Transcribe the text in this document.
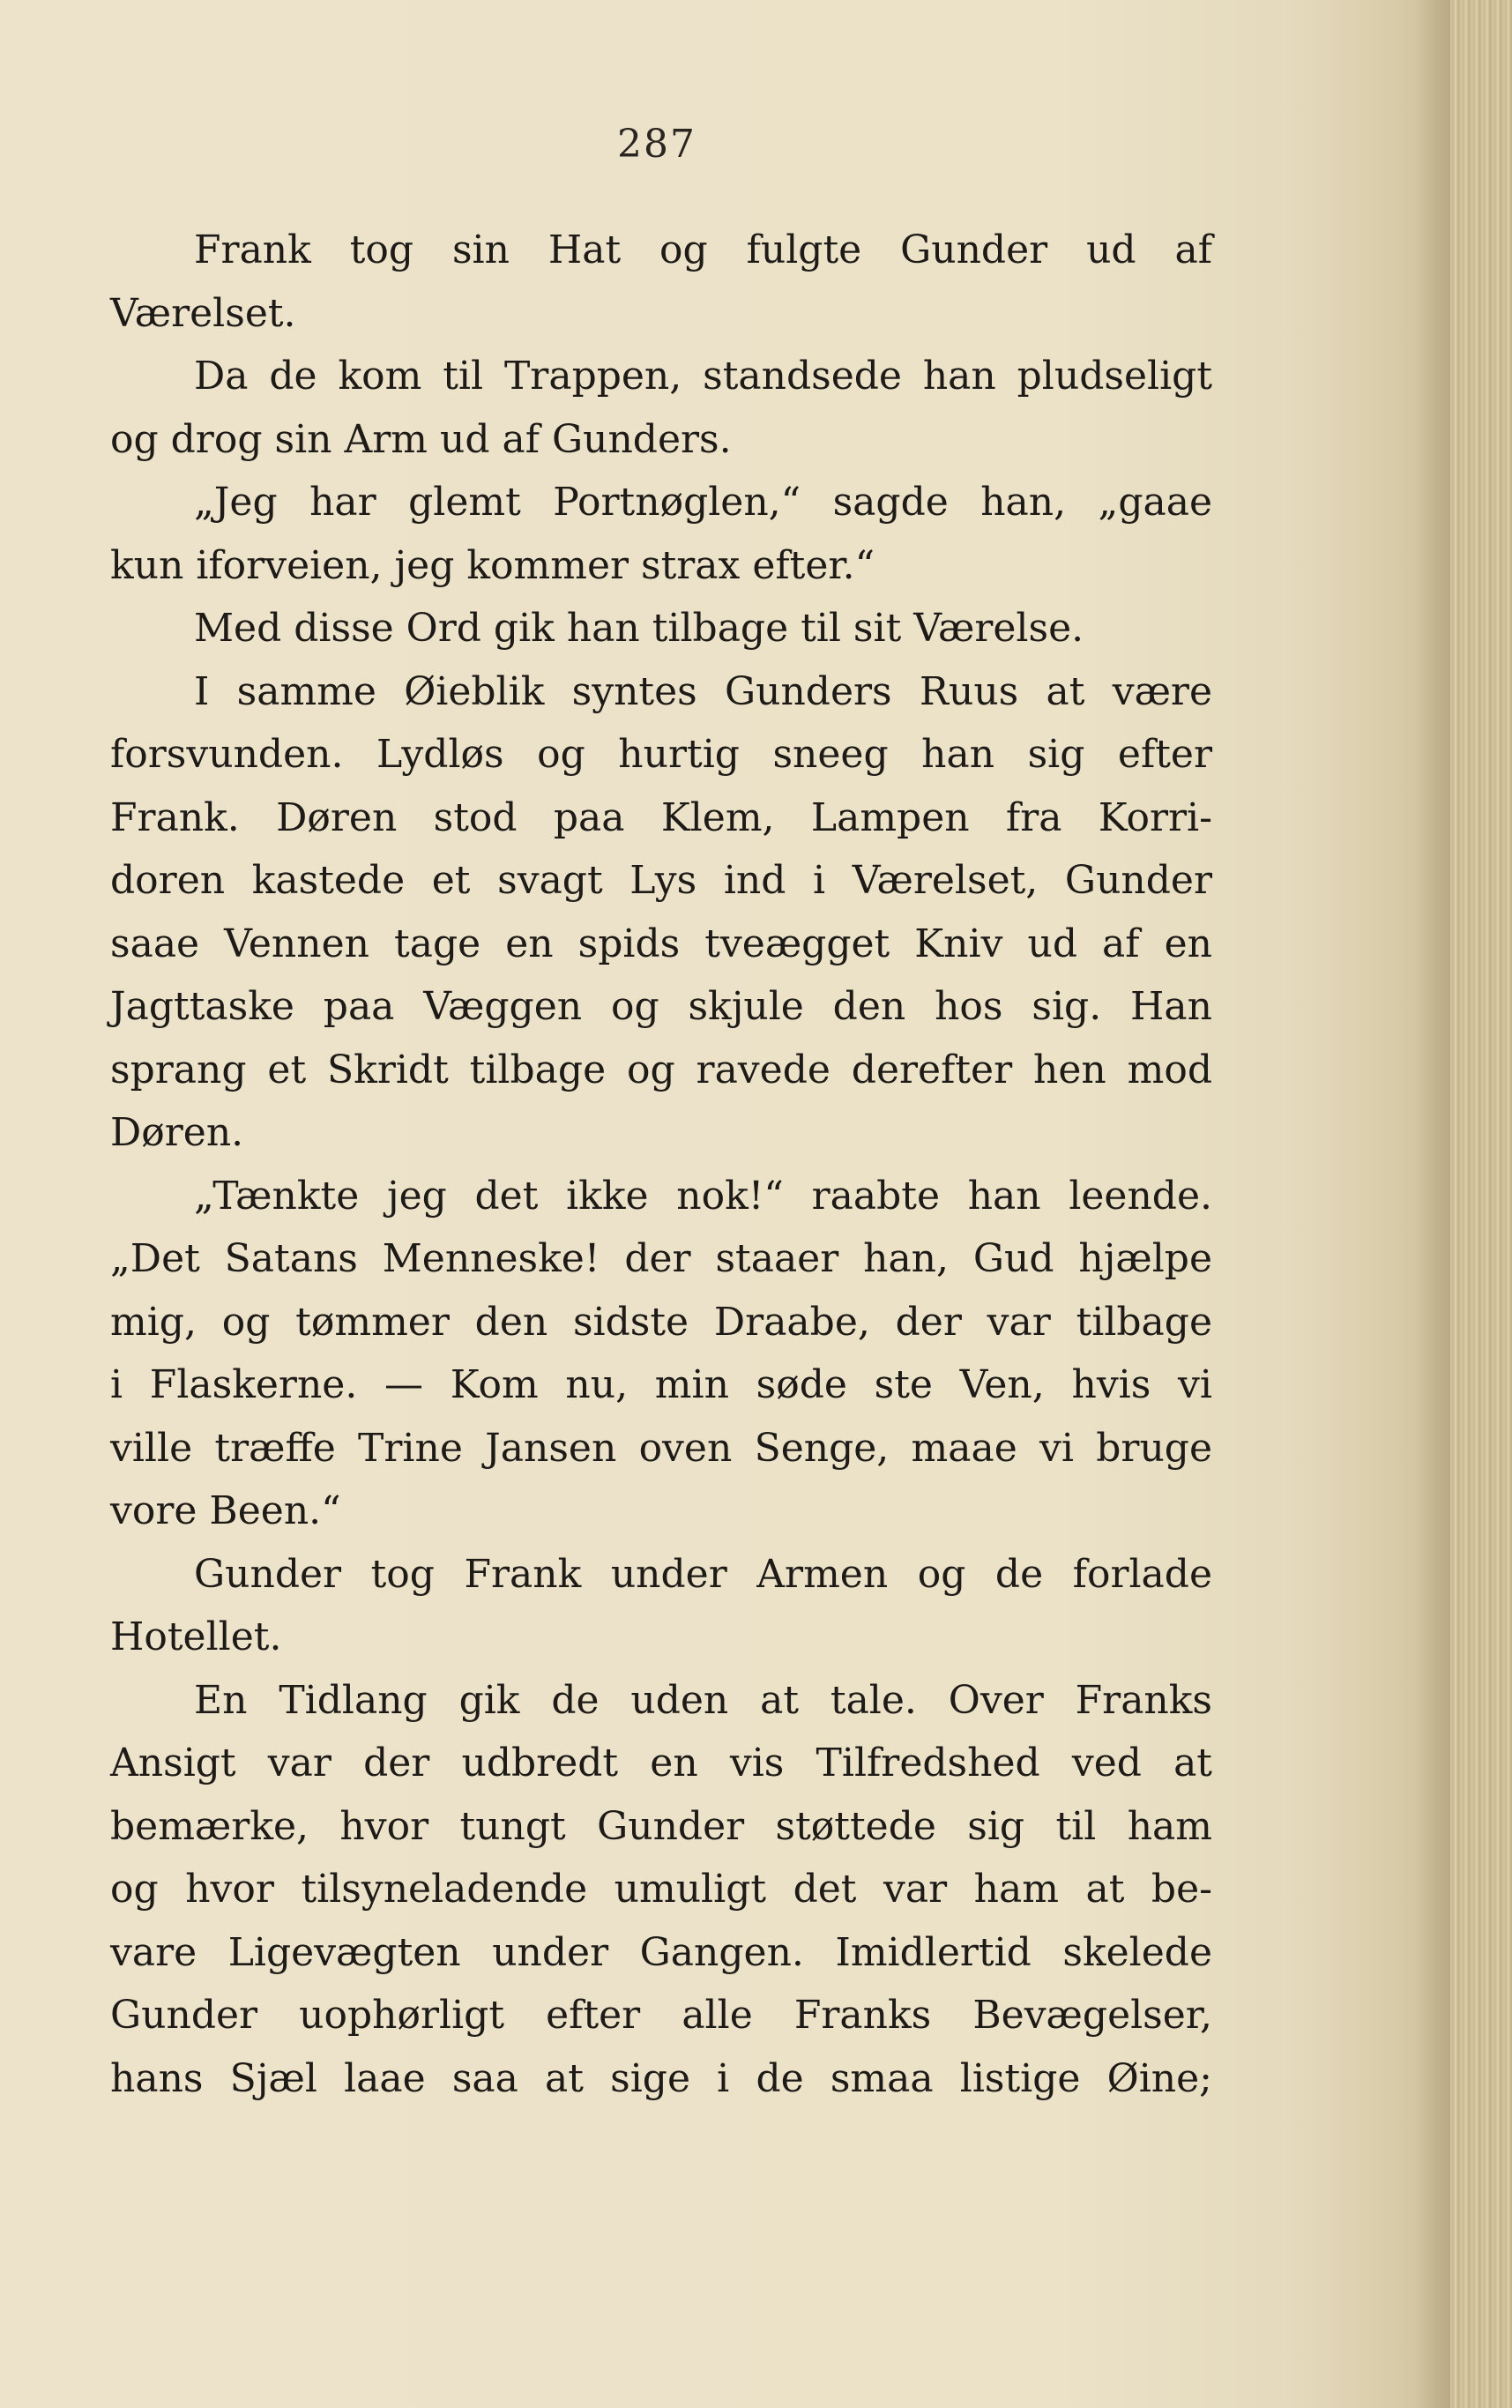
287
Frank tog sin Hat og fulgte Gunder ud af
Værelset.
Da de kom til Trappen, standsede han pludseligt
og drog sin Arm ud af Gunders.
„Jeg har glemt Portnøglen,“ sagde han, „gaae
kun iforveien, jeg kommer strax efter.“
Med disse Ord gik han tilbage til sit Værelse.
I samme Øieblik syntes Gunders Ruus at være
forsvunden. Lydløs og hurtig sneeg han sig efter
Frank. Døren stod paa Klem, Lampen fra Korri-
doren kastede et svagt Lys ind i Værelset, Gunder
saae Vennen tage en spids tveægget Kniv ud af en
Jagttaske paa Væggen og skjule den hos sig. Han
sprang et Skridt tilbage og ravede derefter hen mod
Døren.
„Tænkte jeg det ikke nok!“ raabte han leende.
„Det Satans Menneske! der staaer han, Gud hjælpe
mig, og tømmer den sidste Draabe, der var tilbage
i Flaskerne. — Kom nu, min søde ste Ven, hvis vi
ville træffe Trine Jansen oven Senge, maae vi bruge
vore Been.“
Gunder tog Frank under Armen og de forlade
Hotellet.
En Tidlang gik de uden at tale. Over Franks
Ansigt var der udbredt en vis Tilfredshed ved at
bemærke, hvor tungt Gunder støttede sig til ham
og hvor tilsyneladende umuligt det var ham at be-
vare Ligevægten under Gangen. Imidlertid skelede
Gunder uophørligt efter alle Franks Bevægelser,
hans Sjæl laae saa at sige i de smaa listige Øine;
